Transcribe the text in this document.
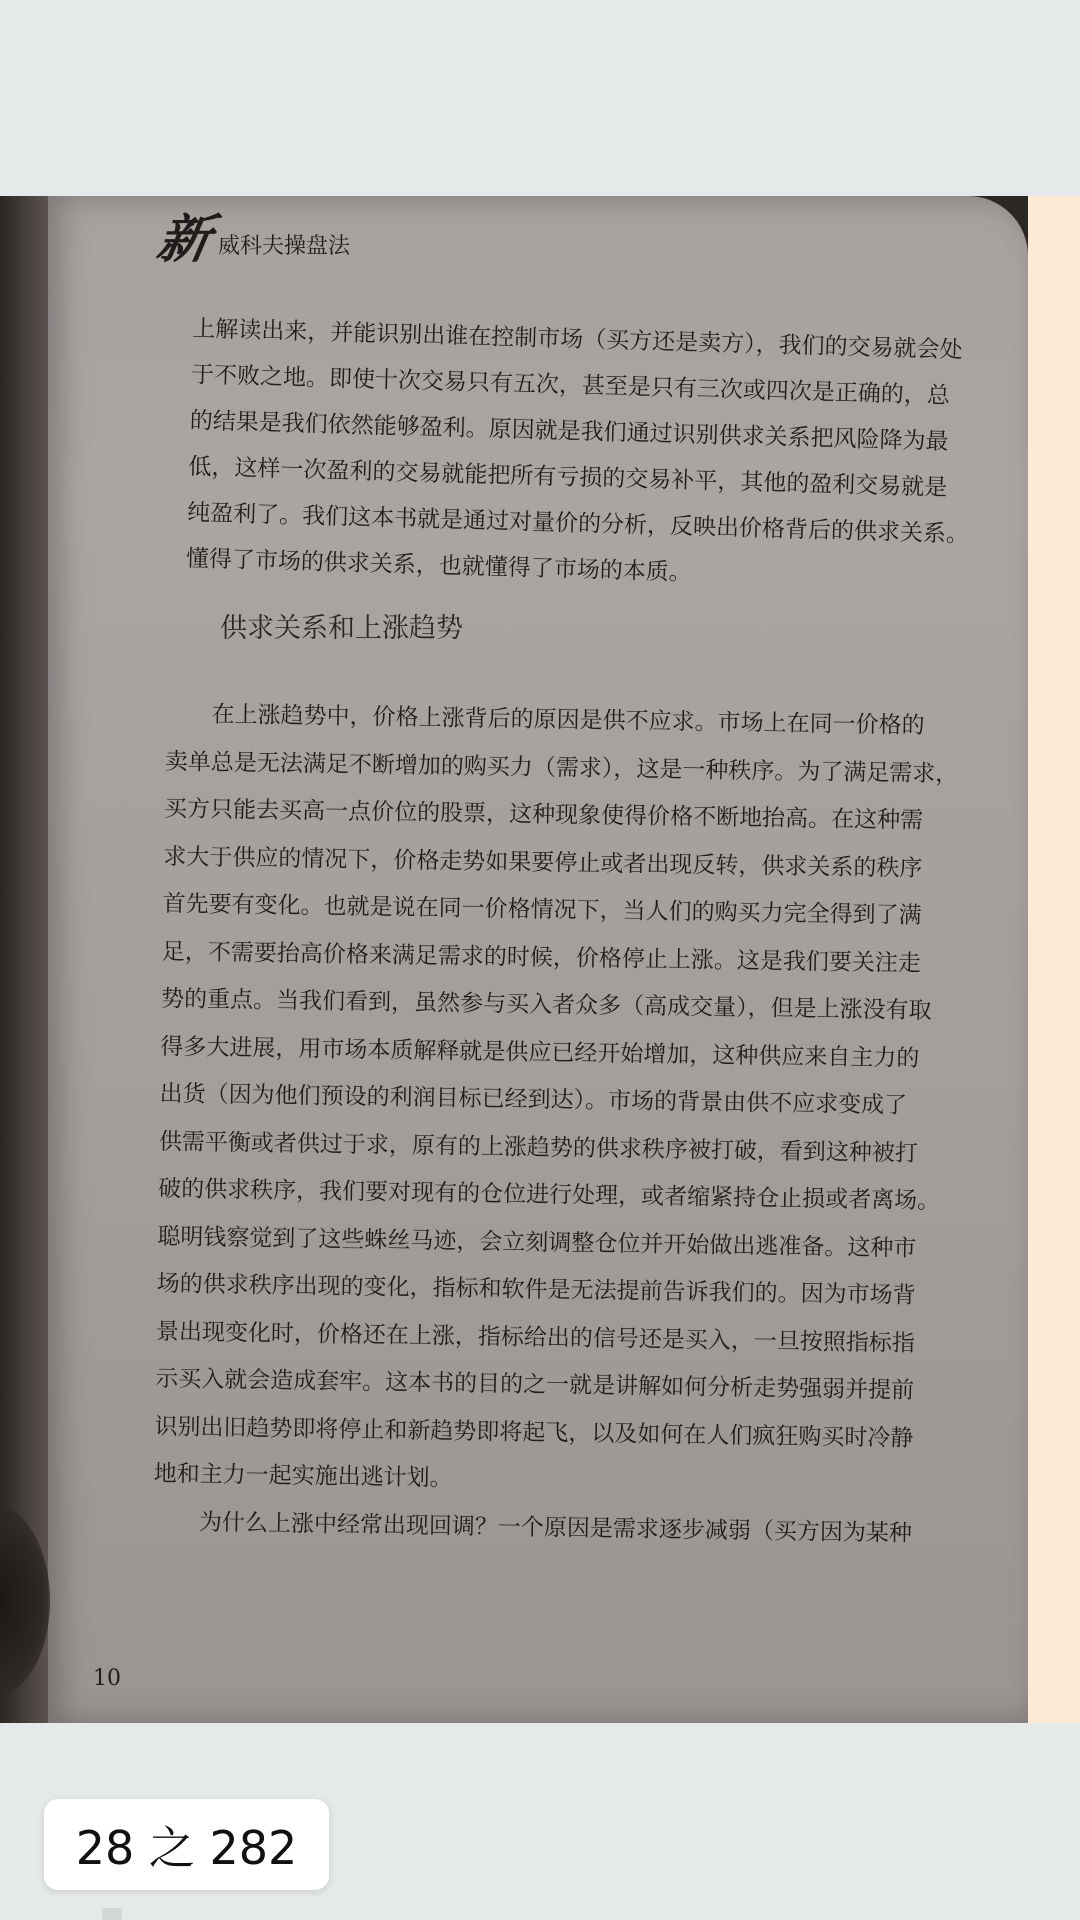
新 威科夫操盘法
上解读出来，并能识别出谁在控制市场（买方还是卖方），我们的交易就会处
于不败之地。即使十次交易只有五次，甚至是只有三次或四次是正确的，总
的结果是我们依然能够盈利。原因就是我们通过识别供求关系把风险降为最
低，这样一次盈利的交易就能把所有亏损的交易补平，其他的盈利交易就是
纯盈利了。我们这本书就是通过对量价的分析，反映出价格背后的供求关系。
懂得了市场的供求关系，也就懂得了市场的本质。
供求关系和上涨趋势
　　在上涨趋势中，价格上涨背后的原因是供不应求。市场上在同一价格的
卖单总是无法满足不断增加的购买力（需求），这是一种秩序。为了满足需求，
买方只能去买高一点价位的股票，这种现象使得价格不断地抬高。在这种需
求大于供应的情况下，价格走势如果要停止或者出现反转，供求关系的秩序
首先要有变化。也就是说在同一价格情况下，当人们的购买力完全得到了满
足，不需要抬高价格来满足需求的时候，价格停止上涨。这是我们要关注走
势的重点。当我们看到，虽然参与买入者众多（高成交量），但是上涨没有取
得多大进展，用市场本质解释就是供应已经开始增加，这种供应来自主力的
出货（因为他们预设的利润目标已经到达）。市场的背景由供不应求变成了
供需平衡或者供过于求，原有的上涨趋势的供求秩序被打破，看到这种被打
破的供求秩序，我们要对现有的仓位进行处理，或者缩紧持仓止损或者离场。
聪明钱察觉到了这些蛛丝马迹，会立刻调整仓位并开始做出逃准备。这种市
场的供求秩序出现的变化，指标和软件是无法提前告诉我们的。因为市场背
景出现变化时，价格还在上涨，指标给出的信号还是买入，一旦按照指标指
示买入就会造成套牢。这本书的目的之一就是讲解如何分析走势强弱并提前
识别出旧趋势即将停止和新趋势即将起飞，以及如何在人们疯狂购买时冷静
地和主力一起实施出逃计划。
　　为什么上涨中经常出现回调？一个原因是需求逐步减弱（买方因为某种
10
28 之 282
